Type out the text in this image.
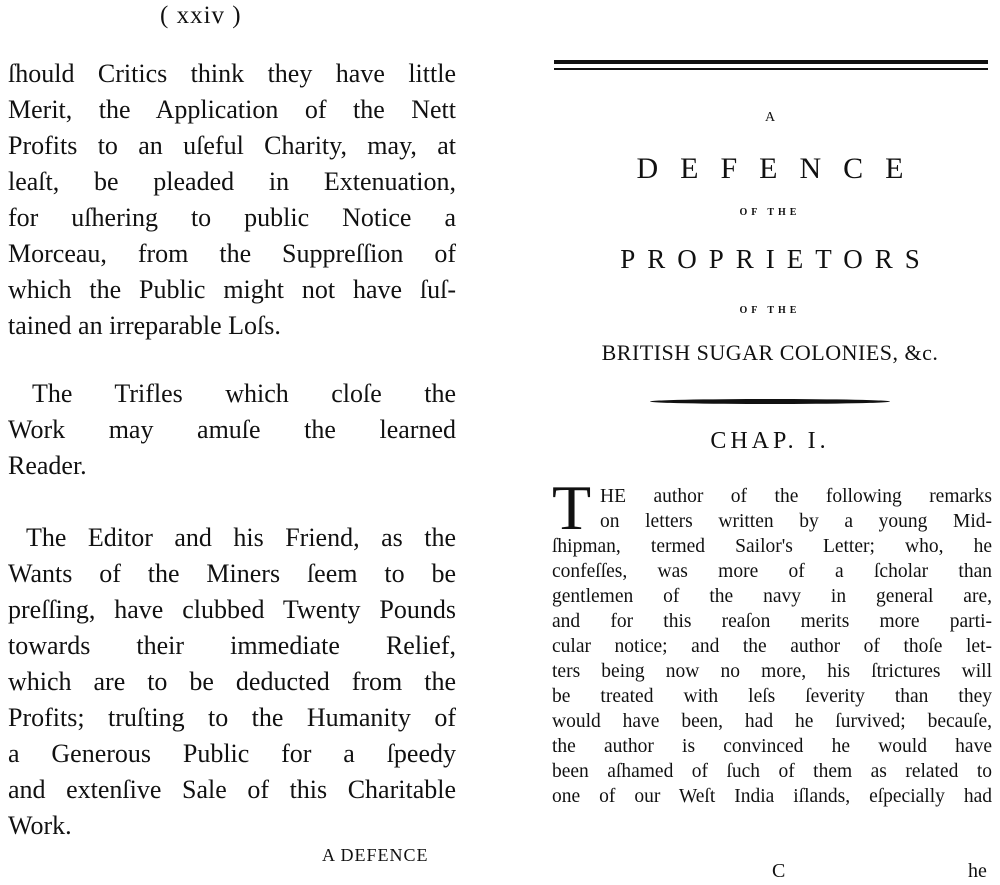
( xxiv )
ſhould Critics think they have little
Merit, the Application of the Nett
Profits to an uſeful Charity, may, at
leaſt, be pleaded in Extenuation,
for uſhering to public Notice a
Morceau, from the Suppreſſion of
which the Public might not have ſuſ-
tained an irreparable Loſs.
The Trifles which cloſe the
Work may amuſe the learned
Reader.
The Editor and his Friend, as the
Wants of the Miners ſeem to be
preſſing, have clubbed Twenty Pounds
towards their immediate Relief,
which are to be deducted from the
Profits; truſting to the Humanity of
a Generous Public for a ſpeedy
and extenſive Sale of this Charitable
Work.
A DEFENCE
A
DEFENCE
OF THE
PROPRIETORS
OF THE
BRITISH SUGAR COLONIES, &c.
CHAP. I.
T HE author of the following remarks
on letters written by a young Mid-
ſhipman, termed Sailor's Letter; who, he
confeſſes, was more of a ſcholar than
gentlemen of the navy in general are,
and for this reaſon merits more parti-
cular notice; and the author of thoſe let-
ters being now no more, his ſtrictures will
be treated with leſs ſeverity than they
would have been, had he ſurvived; becauſe,
the author is convinced he would have
been aſhamed of ſuch of them as related to
one of our Weſt India iſlands, eſpecially had
C	he
